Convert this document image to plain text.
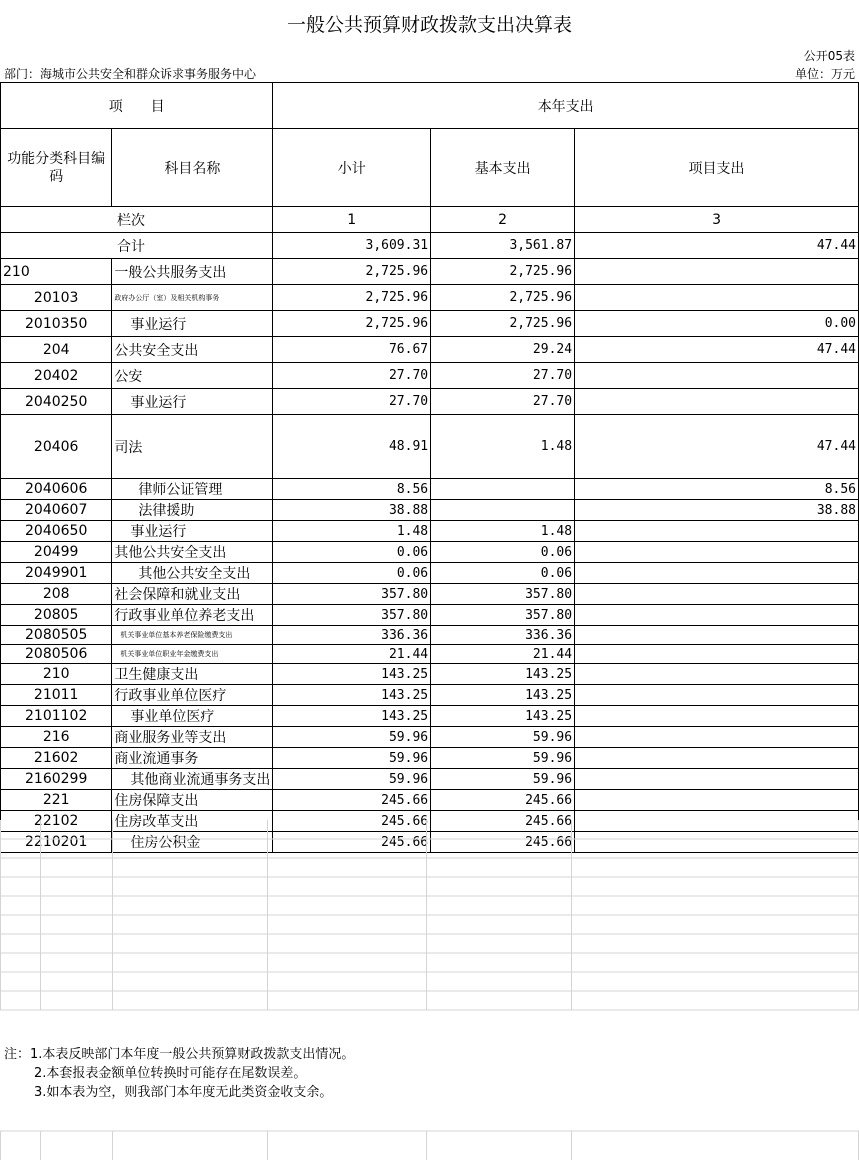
一般公共预算财政拨款支出决算表
公开05表
部门：海城市公共安全和群众诉求事务服务中心	单位：万元
项　　目		本年支出		
功能分类科目编码	科目名称	小计	基本支出	项目支出
栏次		1	2	3
合计		3,609.31	3,561.87	47.44
210	一般公共服务支出	2,725.96	2,725.96	
20103	政府办公厅（室）及相关机构事务	2,725.96	2,725.96	
2010350	事业运行	2,725.96	2,725.96	0.00
204	公共安全支出	76.67	29.24	47.44
20402	公安	27.70	27.70	
2040250	事业运行	27.70	27.70	
20406	司法	48.91	1.48	47.44
2040606	律师公证管理	8.56		8.56
2040607	法律援助	38.88		38.88
2040650	事业运行	1.48	1.48	
20499	其他公共安全支出	0.06	0.06	
2049901	其他公共安全支出	0.06	0.06	
208	社会保障和就业支出	357.80	357.80	
20805	行政事业单位养老支出	357.80	357.80	
2080505	机关事业单位基本养老保险缴费支出	336.36	336.36	
2080506	机关事业单位职业年金缴费支出	21.44	21.44	
210	卫生健康支出	143.25	143.25	
21011	行政事业单位医疗	143.25	143.25	
2101102	事业单位医疗	143.25	143.25	
216	商业服务业等支出	59.96	59.96	
21602	商业流通事务	59.96	59.96	
2160299	其他商业流通事务支出	59.96	59.96	
221	住房保障支出	245.66	245.66	
22102	住房改革支出	245.66	245.66	
2210201	住房公积金	245.66	245.66	
注：1.本表反映部门本年度一般公共预算财政拨款支出情况。
2.本套报表金额单位转换时可能存在尾数误差。
3.如本表为空，则我部门本年度无此类资金收支余。
